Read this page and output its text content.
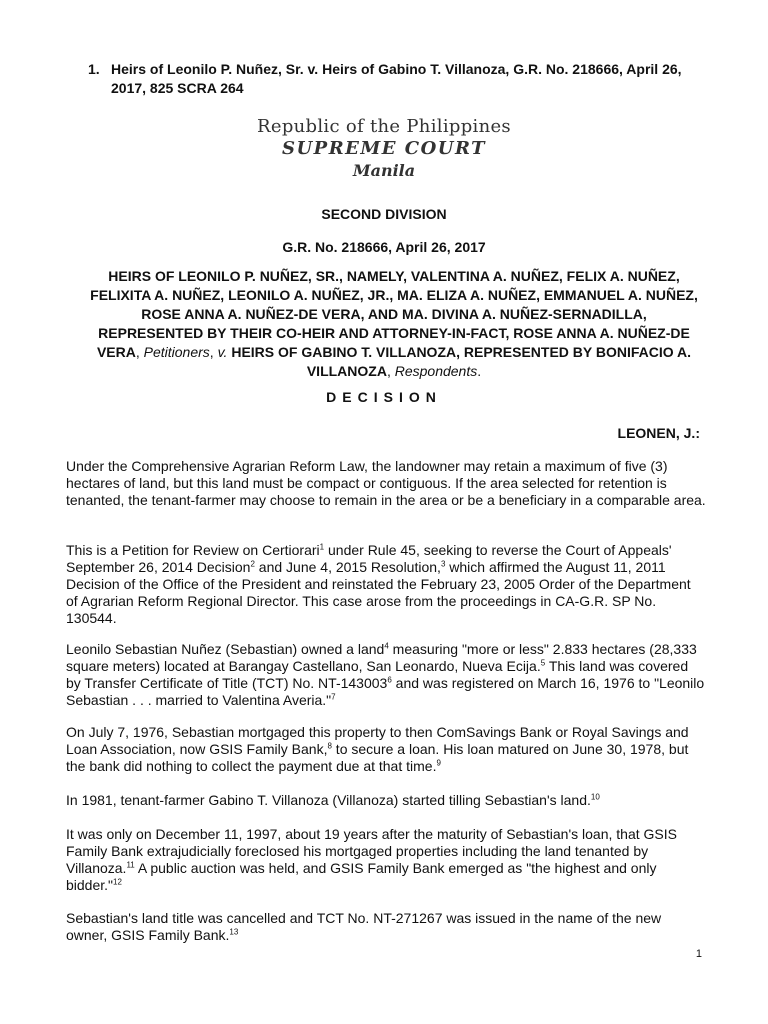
1. Heirs of Leonilo P. Nuñez, Sr. v. Heirs of Gabino T. Villanoza, G.R. No. 218666, April 26, 2017, 825 SCRA 264
Republic of the Philippines
SUPREME COURT
Manila
SECOND DIVISION
G.R. No. 218666, April 26, 2017
HEIRS OF LEONILO P. NUÑEZ, SR., NAMELY, VALENTINA A. NUÑEZ, FELIX A. NUÑEZ, FELIXITA A. NUÑEZ, LEONILO A. NUÑEZ, JR., MA. ELIZA A. NUÑEZ, EMMANUEL A. NUÑEZ, ROSE ANNA A. NUÑEZ-DE VERA, AND MA. DIVINA A. NUÑEZ-SERNADILLA, REPRESENTED BY THEIR CO-HEIR AND ATTORNEY-IN-FACT, ROSE ANNA A. NUÑEZ-DE VERA, Petitioners, v. HEIRS OF GABINO T. VILLANOZA, REPRESENTED BY BONIFACIO A. VILLANOZA, Respondents.
DECISION
LEONEN, J.:
Under the Comprehensive Agrarian Reform Law, the landowner may retain a maximum of five (3) hectares of land, but this land must be compact or contiguous. If the area selected for retention is tenanted, the tenant-farmer may choose to remain in the area or be a beneficiary in a comparable area.
This is a Petition for Review on Certiorari$^1$ under Rule 45, seeking to reverse the Court of Appeals' September 26, 2014 Decision$^2$ and June 4, 2015 Resolution,$^3$ which affirmed the August 11, 2011 Decision of the Office of the President and reinstated the February 23, 2005 Order of the Department of Agrarian Reform Regional Director. This case arose from the proceedings in CA-G.R. SP No. 130544.
Leonilo Sebastian Nuñez (Sebastian) owned a land$^4$ measuring "more or less" 2.833 hectares (28,333 square meters) located at Barangay Castellano, San Leonardo, Nueva Ecija.$^5$ This land was covered by Transfer Certificate of Title (TCT) No. NT-143003$^6$ and was registered on March 16, 1976 to "Leonilo Sebastian . . . married to Valentina Averia."$^7$
On July 7, 1976, Sebastian mortgaged this property to then ComSavings Bank or Royal Savings and Loan Association, now GSIS Family Bank,$^8$ to secure a loan. His loan matured on June 30, 1978, but the bank did nothing to collect the payment due at that time.$^9$
In 1981, tenant-farmer Gabino T. Villanoza (Villanoza) started tilling Sebastian's land.$^{10}$
It was only on December 11, 1997, about 19 years after the maturity of Sebastian's loan, that GSIS Family Bank extrajudicially foreclosed his mortgaged properties including the land tenanted by Villanoza.$^{11}$ A public auction was held, and GSIS Family Bank emerged as "the highest and only bidder."$^{12}$
Sebastian's land title was cancelled and TCT No. NT-271267 was issued in the name of the new owner, GSIS Family Bank.$^{13}$
1
